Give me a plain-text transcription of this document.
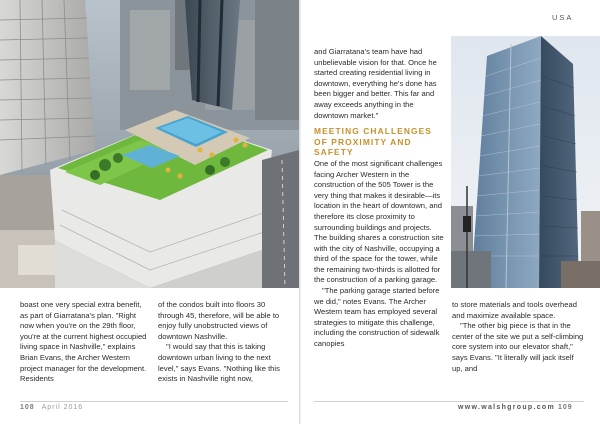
USA

boast one very special extra benefit, as part of Giarratana's plan. "Right now when you're on the 29th floor, you're at the current highest occupied living space in Nashville," explains Brian Evans, the Archer Western project manager for the development. Residents

of the condos built into floors 30 through 45, therefore, will be able to enjoy fully unobstructed views of downtown Nashville.

"I would say that this is taking downtown urban living to the next level," says Evans. "Nothing like this exists in Nashville right now,

and Giarratana's team have had unbelievable vision for that. Once he started creating residential living in downtown, everything he's done has been bigger and better. This far and away exceeds anything in the downtown market."

MEETING CHALLENGES OF PROXIMITY AND SAFETY

One of the most significant challenges facing Archer Western in the construction of the 505 Tower is the very thing that makes it desirable—its location in the heart of downtown, and therefore its close proximity to surrounding buildings and projects. The building shares a construction site with the city of Nashville, occupying a third of the space for the tower, while the remaining two-thirds is allotted for the construction of a parking garage.

"The parking garage started before we did," notes Evans. The Archer Western team has employed several strategies to mitigate this challenge, including the construction of sidewalk canopies

to store materials and tools overhead and maximize available space.

"The other big piece is that in the center of the site we put a self-climbing core system into our elevator shaft," says Evans. "It literally will jack itself up, and

108 April 2016	www.walshgroup.com 109
